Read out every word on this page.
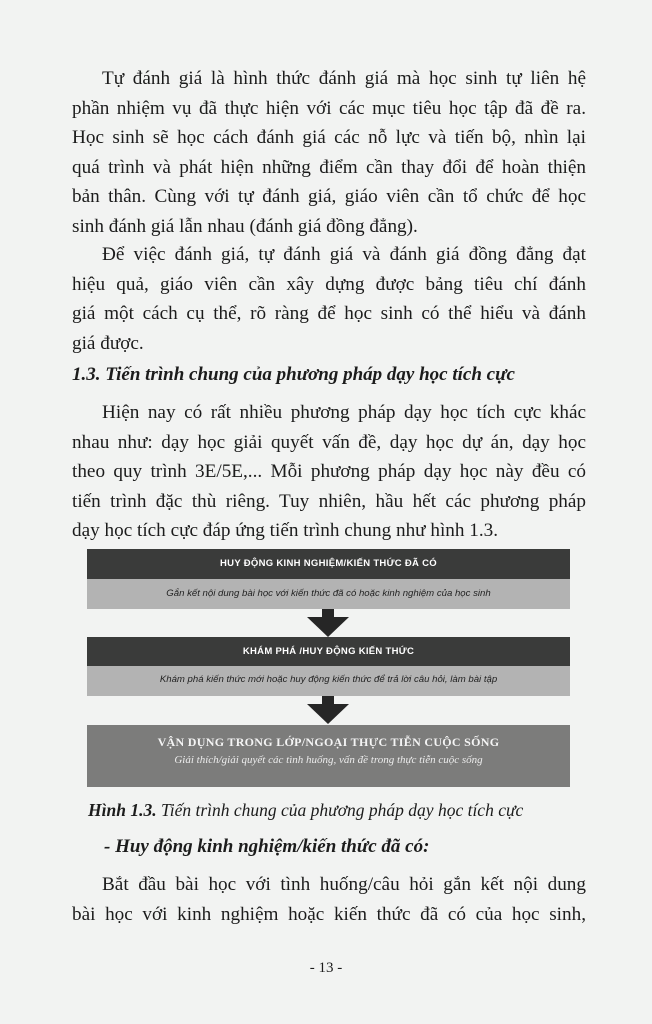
Tự đánh giá là hình thức đánh giá mà học sinh tự liên hệ
phần nhiệm vụ đã thực hiện với các mục tiêu học tập đã đề ra.
Học sinh sẽ học cách đánh giá các nỗ lực và tiến bộ, nhìn lại
quá trình và phát hiện những điểm cần thay đổi để hoàn thiện
bản thân. Cùng với tự đánh giá, giáo viên cần tổ chức để học
sinh đánh giá lẫn nhau (đánh giá đồng đẳng).
Để việc đánh giá, tự đánh giá và đánh giá đồng đẳng đạt
hiệu quả, giáo viên cần xây dựng được bảng tiêu chí đánh
giá một cách cụ thể, rõ ràng để học sinh có thể hiểu và đánh
giá được.

1.3. Tiến trình chung của phương pháp dạy học tích cực

Hiện nay có rất nhiều phương pháp dạy học tích cực khác
nhau như: dạy học giải quyết vấn đề, dạy học dự án, dạy học
theo quy trình 3E/5E,... Mỗi phương pháp dạy học này đều có
tiến trình đặc thù riêng. Tuy nhiên, hầu hết các phương pháp
dạy học tích cực đáp ứng tiến trình chung như hình 1.3.
HUY ĐỘNG KINH NGHIỆM/KIẾN THỨC ĐÃ CÓ
Gắn kết nội dung bài học với kiến thức đã có hoặc kinh nghiệm của học sinh
KHÁM PHÁ /HUY ĐỘNG KIẾN THỨC
Khám phá kiến thức mới hoặc huy động kiến thức để trả lời câu hỏi, làm bài tập
VẬN DỤNG TRONG LỚP/NGOẠI THỰC TIỄN CUỘC SỐNG
Giải thích/giải quyết các tình huống, vấn đề trong thực tiễn cuộc sống

Hình 1.3. Tiến trình chung của phương pháp dạy học tích cực

- Huy động kinh nghiệm/kiến thức đã có:

Bắt đầu bài học với tình huống/câu hỏi gắn kết nội dung
bài học với kinh nghiệm hoặc kiến thức đã có của học sinh,
- 13 -
